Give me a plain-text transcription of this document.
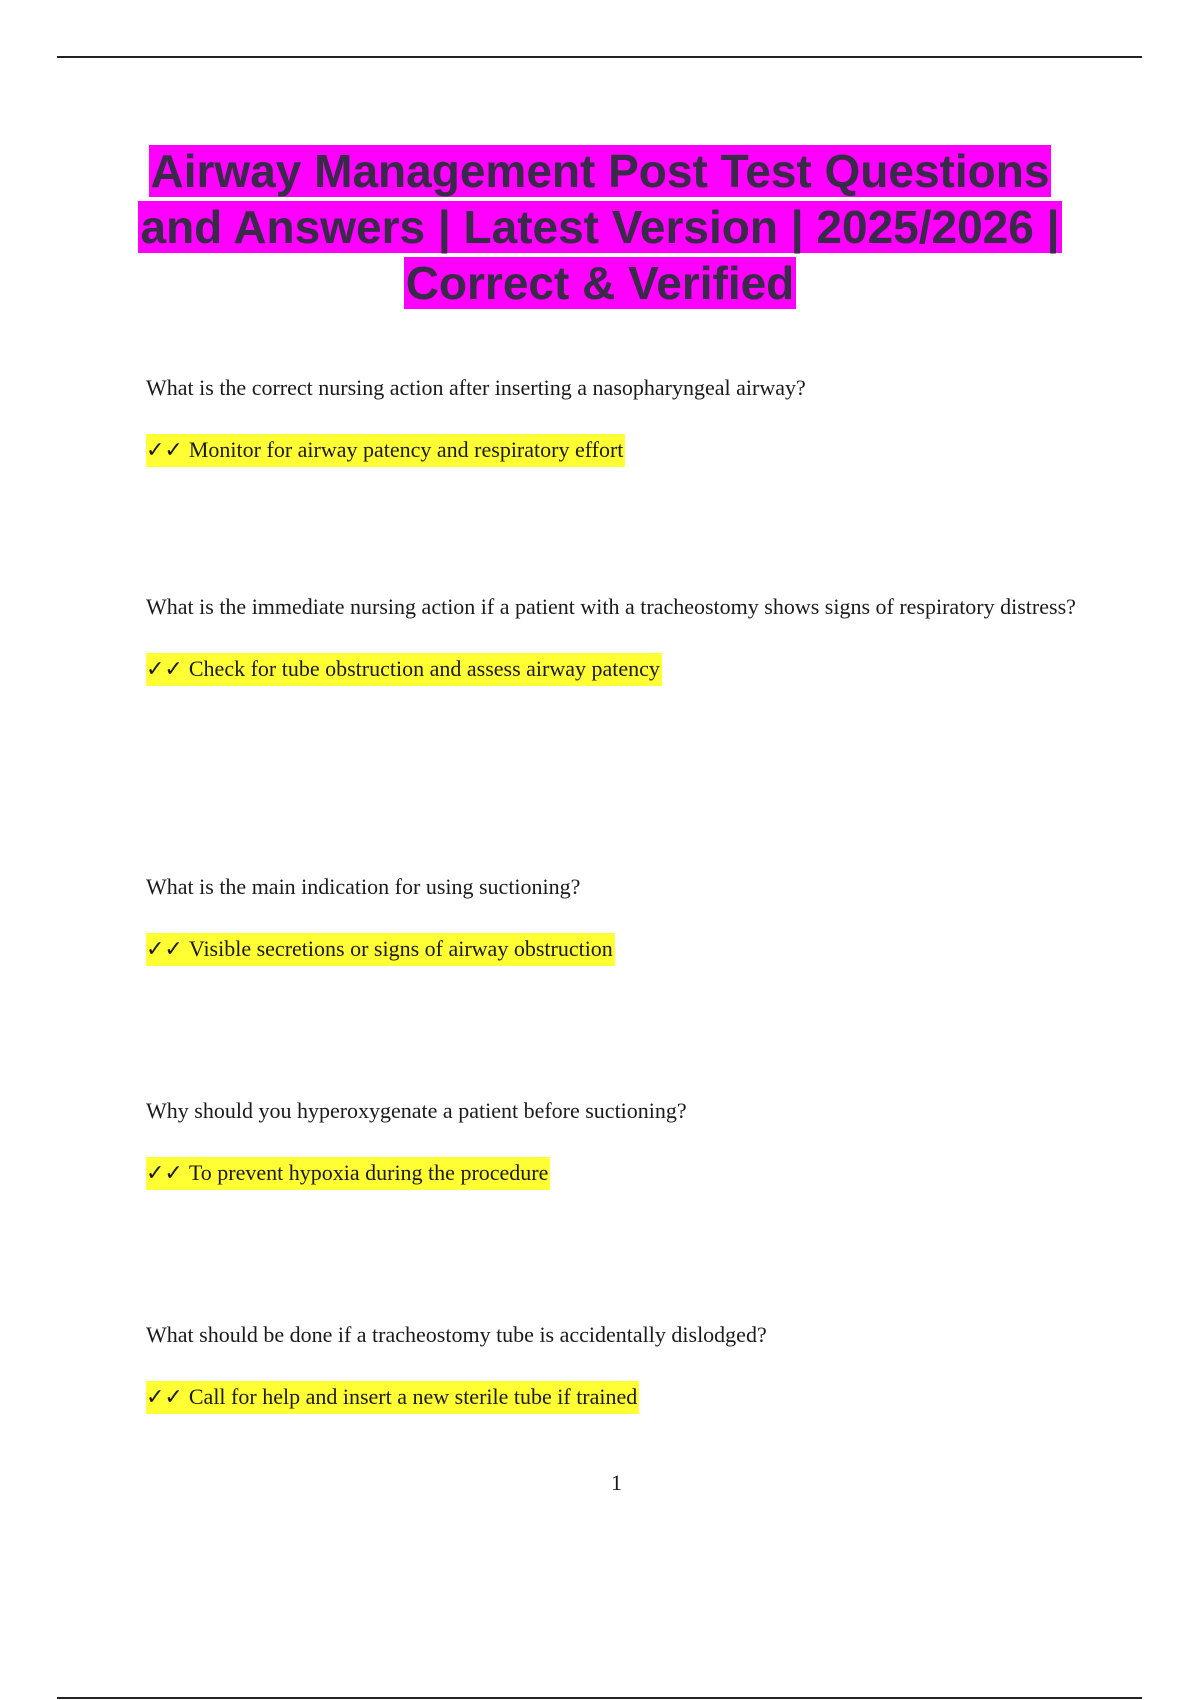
Airway Management Post Test Questions and Answers | Latest Version | 2025/2026 | Correct & Verified

What is the correct nursing action after inserting a nasopharyngeal airway?

✓✓ Monitor for airway patency and respiratory effort

What is the immediate nursing action if a patient with a tracheostomy shows signs of respiratory distress?

✓✓ Check for tube obstruction and assess airway patency

What is the main indication for using suctioning?

✓✓ Visible secretions or signs of airway obstruction

Why should you hyperoxygenate a patient before suctioning?

✓✓ To prevent hypoxia during the procedure

What should be done if a tracheostomy tube is accidentally dislodged?

✓✓ Call for help and insert a new sterile tube if trained
1
